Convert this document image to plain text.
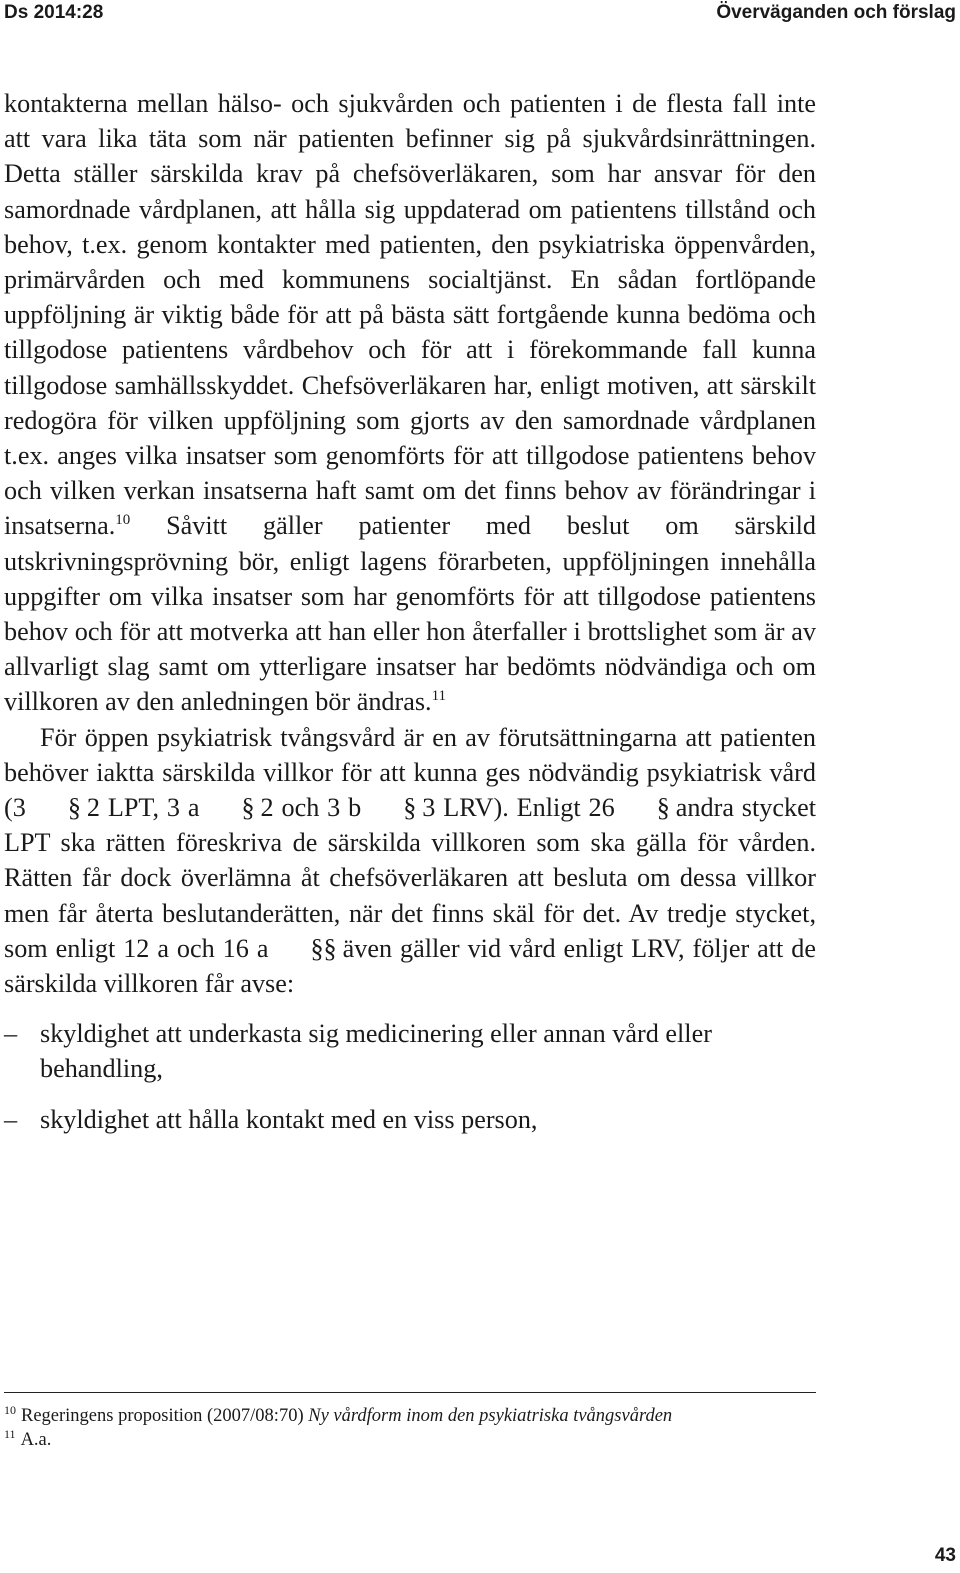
Ds 2014:28	Överväganden och förslag

kontakterna mellan hälso- och sjukvården och patienten i de flesta fall inte att vara lika täta som när patienten befinner sig på sjukvårdsinrättningen. Detta ställer särskilda krav på chefsöverläkaren, som har ansvar för den samordnade vårdplanen, att hålla sig uppdaterad om patientens tillstånd och behov, t.ex. genom kontakter med patienten, den psykiatriska öppenvården, primärvården och med kommunens socialtjänst. En sådan fortlöpande uppföljning är viktig både för att på bästa sätt fortgående kunna bedöma och tillgodose patientens vårdbehov och för att i förekommande fall kunna tillgodose samhällsskyddet. Chefsöverläkaren har, enligt motiven, att särskilt redogöra för vilken uppföljning som gjorts av den samordnade vårdplanen t.ex. anges vilka insatser som genomförts för att tillgodose patientens behov och vilken verkan insatserna haft samt om det finns behov av förändringar i insatserna.$^{10}$ Såvitt gäller patienter med beslut om särskild utskrivningsprövning bör, enligt lagens förarbeten, uppföljningen innehålla uppgifter om vilka insatser som har genomförts för att tillgodose patientens behov och för att motverka att han eller hon återfaller i brottslighet som är av allvarligt slag samt om ytterligare insatser har bedömts nödvändiga och om villkoren av den anledningen bör ändras.$^{11}$

För öppen psykiatrisk tvångsvård är en av förutsättningarna att patienten behöver iaktta särskilda villkor för att kunna ges nödvändig psykiatrisk vård (3 § 2 LPT, 3 a § 2 och 3 b § 3 LRV). Enligt 26 § andra stycket LPT ska rätten föreskriva de särskilda villkoren som ska gälla för vården. Rätten får dock överlämna åt chefsöverläkaren att besluta om dessa villkor men får återta beslutanderätten, när det finns skäl för det. Av tredje stycket, som enligt 12 a och 16 a §§ även gäller vid vård enligt LRV, följer att de särskilda villkoren får avse:

– skyldighet att underkasta sig medicinering eller annan vård eller behandling,
– skyldighet att hålla kontakt med en viss person,
$^{10}$ Regeringens proposition (2007/08:70) Ny vårdform inom den psykiatriska tvångsvården
$^{11}$ A.a.
43
